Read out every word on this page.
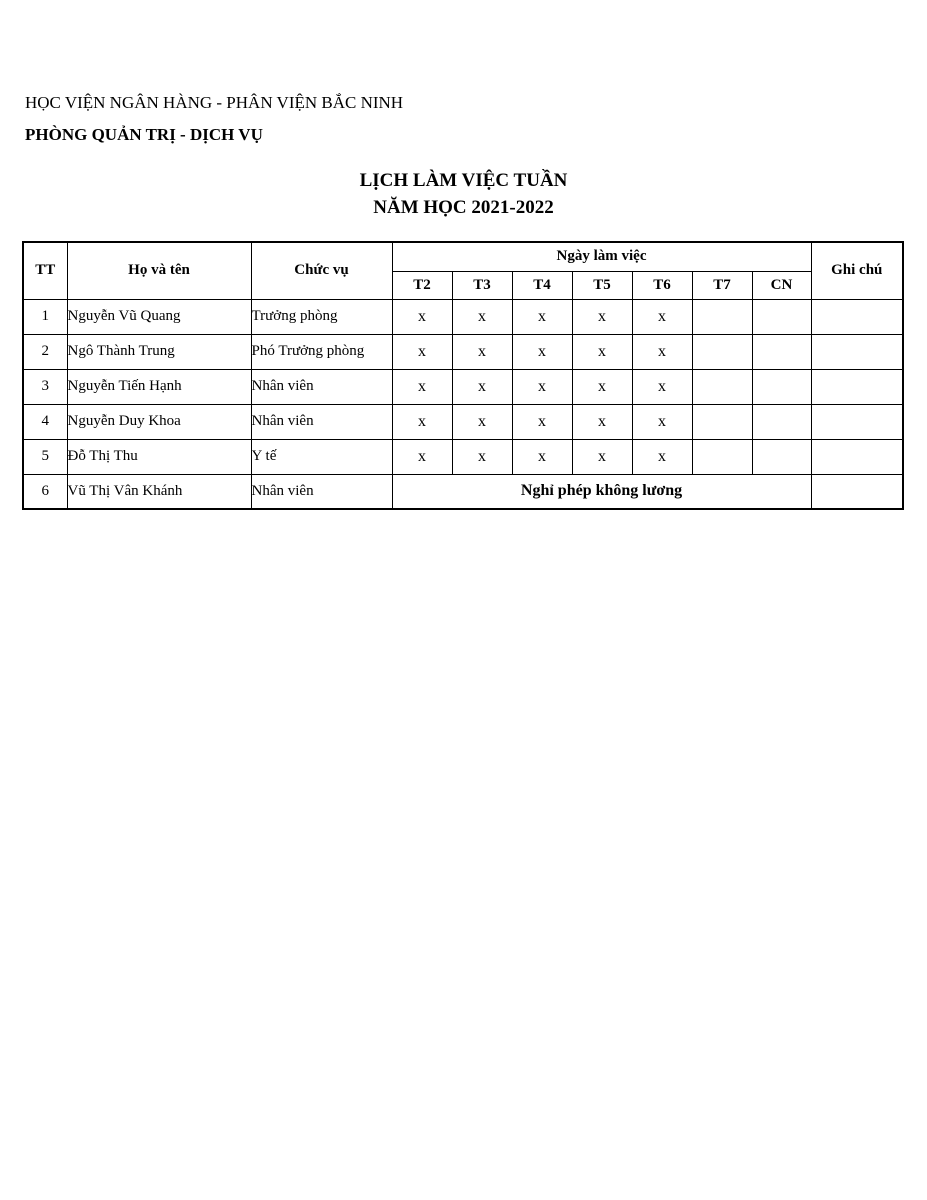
HỌC VIỆN NGÂN HÀNG - PHÂN VIỆN BẮC NINH
PHÒNG QUẢN TRỊ - DỊCH VỤ
LỊCH LÀM VIỆC TUẦN
NĂM HỌC 2021-2022
TT	Họ và tên	Chức vụ	Ngày làm việc							Ghi chú
			T2	T3	T4	T5	T6	T7	CN	
1	Nguyễn Vũ Quang	Trưởng phòng	x	x	x	x	x			
2	Ngô Thành Trung	Phó Trưởng phòng	x	x	x	x	x			
3	Nguyễn Tiến Hạnh	Nhân viên	x	x	x	x	x			
4	Nguyễn Duy Khoa	Nhân viên	x	x	x	x	x			
5	Đỗ Thị Thu	Y tế	x	x	x	x	x			
6	Vũ Thị Vân Khánh	Nhân viên	Nghỉ phép không lương							
